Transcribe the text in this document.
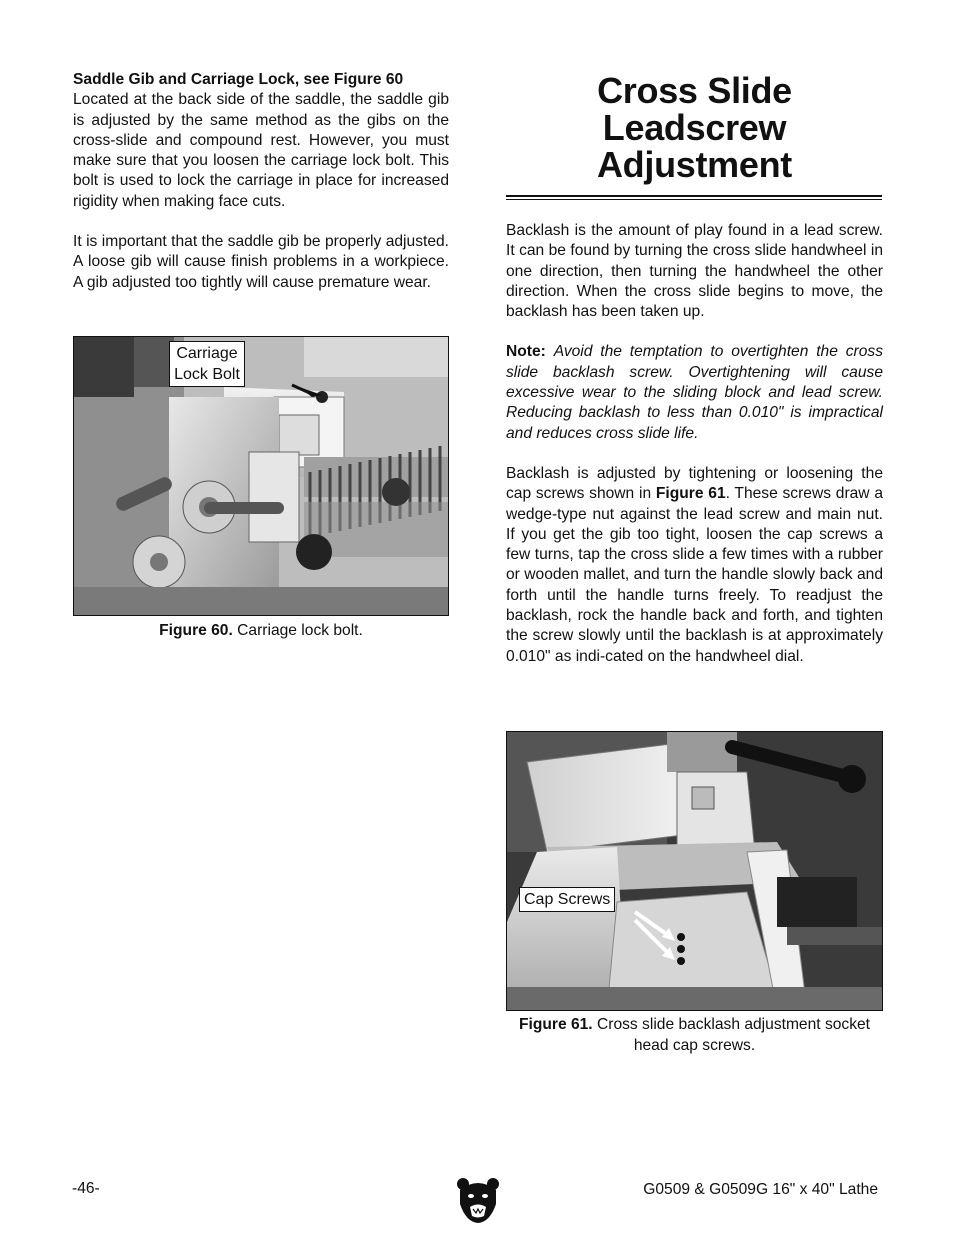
Saddle Gib and Carriage Lock, see Figure 60

Located at the back side of the saddle, the saddle gib is adjusted by the same method as the gibs on the cross-slide and compound rest. However, you must make sure that you loosen the carriage lock bolt. This bolt is used to lock the carriage in place for increased rigidity when making face cuts.

It is important that the saddle gib be properly adjusted. A loose gib will cause finish problems in a workpiece. A gib adjusted too tightly will cause premature wear.

Carriage
Lock Bolt
Figure 60. Carriage lock bolt.
Cross Slide
Leadscrew
Adjustment

Backlash is the amount of play found in a lead screw. It can be found by turning the cross slide handwheel in one direction, then turning the handwheel the other direction. When the cross slide begins to move, the backlash has been taken up.

Note: Avoid the temptation to overtighten the cross slide backlash screw. Overtightening will cause excessive wear to the sliding block and lead screw. Reducing backlash to less than 0.010" is impractical and reduces cross slide life.

Backlash is adjusted by tightening or loosening the cap screws shown in Figure 61. These screws draw a wedge-type nut against the lead screw and main nut. If you get the gib too tight, loosen the cap screws a few turns, tap the cross slide a few times with a rubber or wooden mallet, and turn the handle slowly back and forth until the handle turns freely. To readjust the backlash, rock the handle back and forth, and tighten the screw slowly until the backlash is at approximately 0.010" as indi-cated on the handwheel dial.

Cap Screws
Figure 61. Cross slide backlash adjustment socket head cap screws.
-46-	G0509 & G0509G 16" x 40" Lathe
